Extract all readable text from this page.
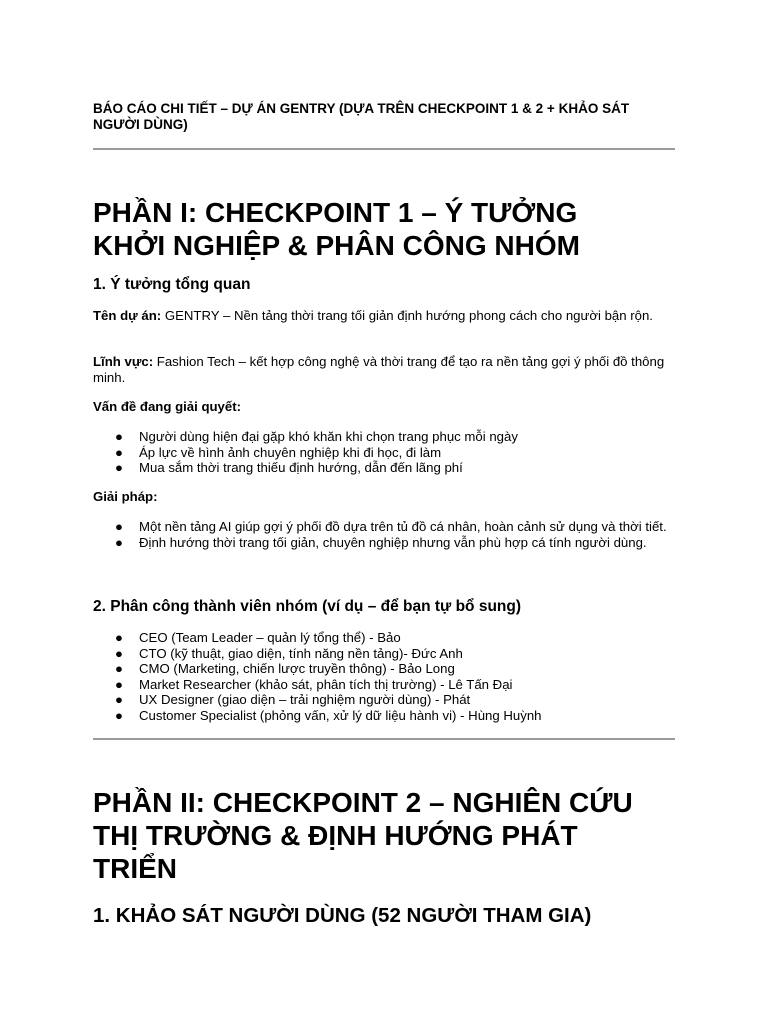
BÁO CÁO CHI TIẾT – DỰ ÁN GENTRY (DỰA TRÊN CHECKPOINT 1 & 2 + KHẢO SÁT NGƯỜI DÙNG)

PHẦN I: CHECKPOINT 1 – Ý TƯỞNG KHỞI NGHIỆP & PHÂN CÔNG NHÓM
1. Ý tưởng tổng quan

Tên dự án: GENTRY – Nền tảng thời trang tối giản định hướng phong cách cho người bận rộn.

Lĩnh vực: Fashion Tech – kết hợp công nghệ và thời trang để tạo ra nền tảng gợi ý phối đồ thông minh.

Vấn đề đang giải quyết:

● Người dùng hiện đại gặp khó khăn khi chọn trang phục mỗi ngày
● Áp lực về hình ảnh chuyên nghiệp khi đi học, đi làm
● Mua sắm thời trang thiếu định hướng, dẫn đến lãng phí

Giải pháp:

● Một nền tảng AI giúp gợi ý phối đồ dựa trên tủ đồ cá nhân, hoàn cảnh sử dụng và thời tiết.
● Định hướng thời trang tối giản, chuyên nghiệp nhưng vẫn phù hợp cá tính người dùng.
2. Phân công thành viên nhóm (ví dụ – để bạn tự bổ sung)
● CEO (Team Leader – quản lý tổng thể) - Bảo
● CTO (kỹ thuật, giao diện, tính năng nền tảng)- Đức Anh
● CMO (Marketing, chiến lược truyền thông) - Bảo Long
● Market Researcher (khảo sát, phân tích thị trường) - Lê Tấn Đại
● UX Designer (giao diện – trải nghiệm người dùng) - Phát
● Customer Specialist (phỏng vấn, xử lý dữ liệu hành vi) - Hùng Huỳnh
PHẦN II: CHECKPOINT 2 – NGHIÊN CỨU THỊ TRƯỜNG & ĐỊNH HƯỚNG PHÁT TRIỂN
1. KHẢO SÁT NGƯỜI DÙNG (52 NGƯỜI THAM GIA)
